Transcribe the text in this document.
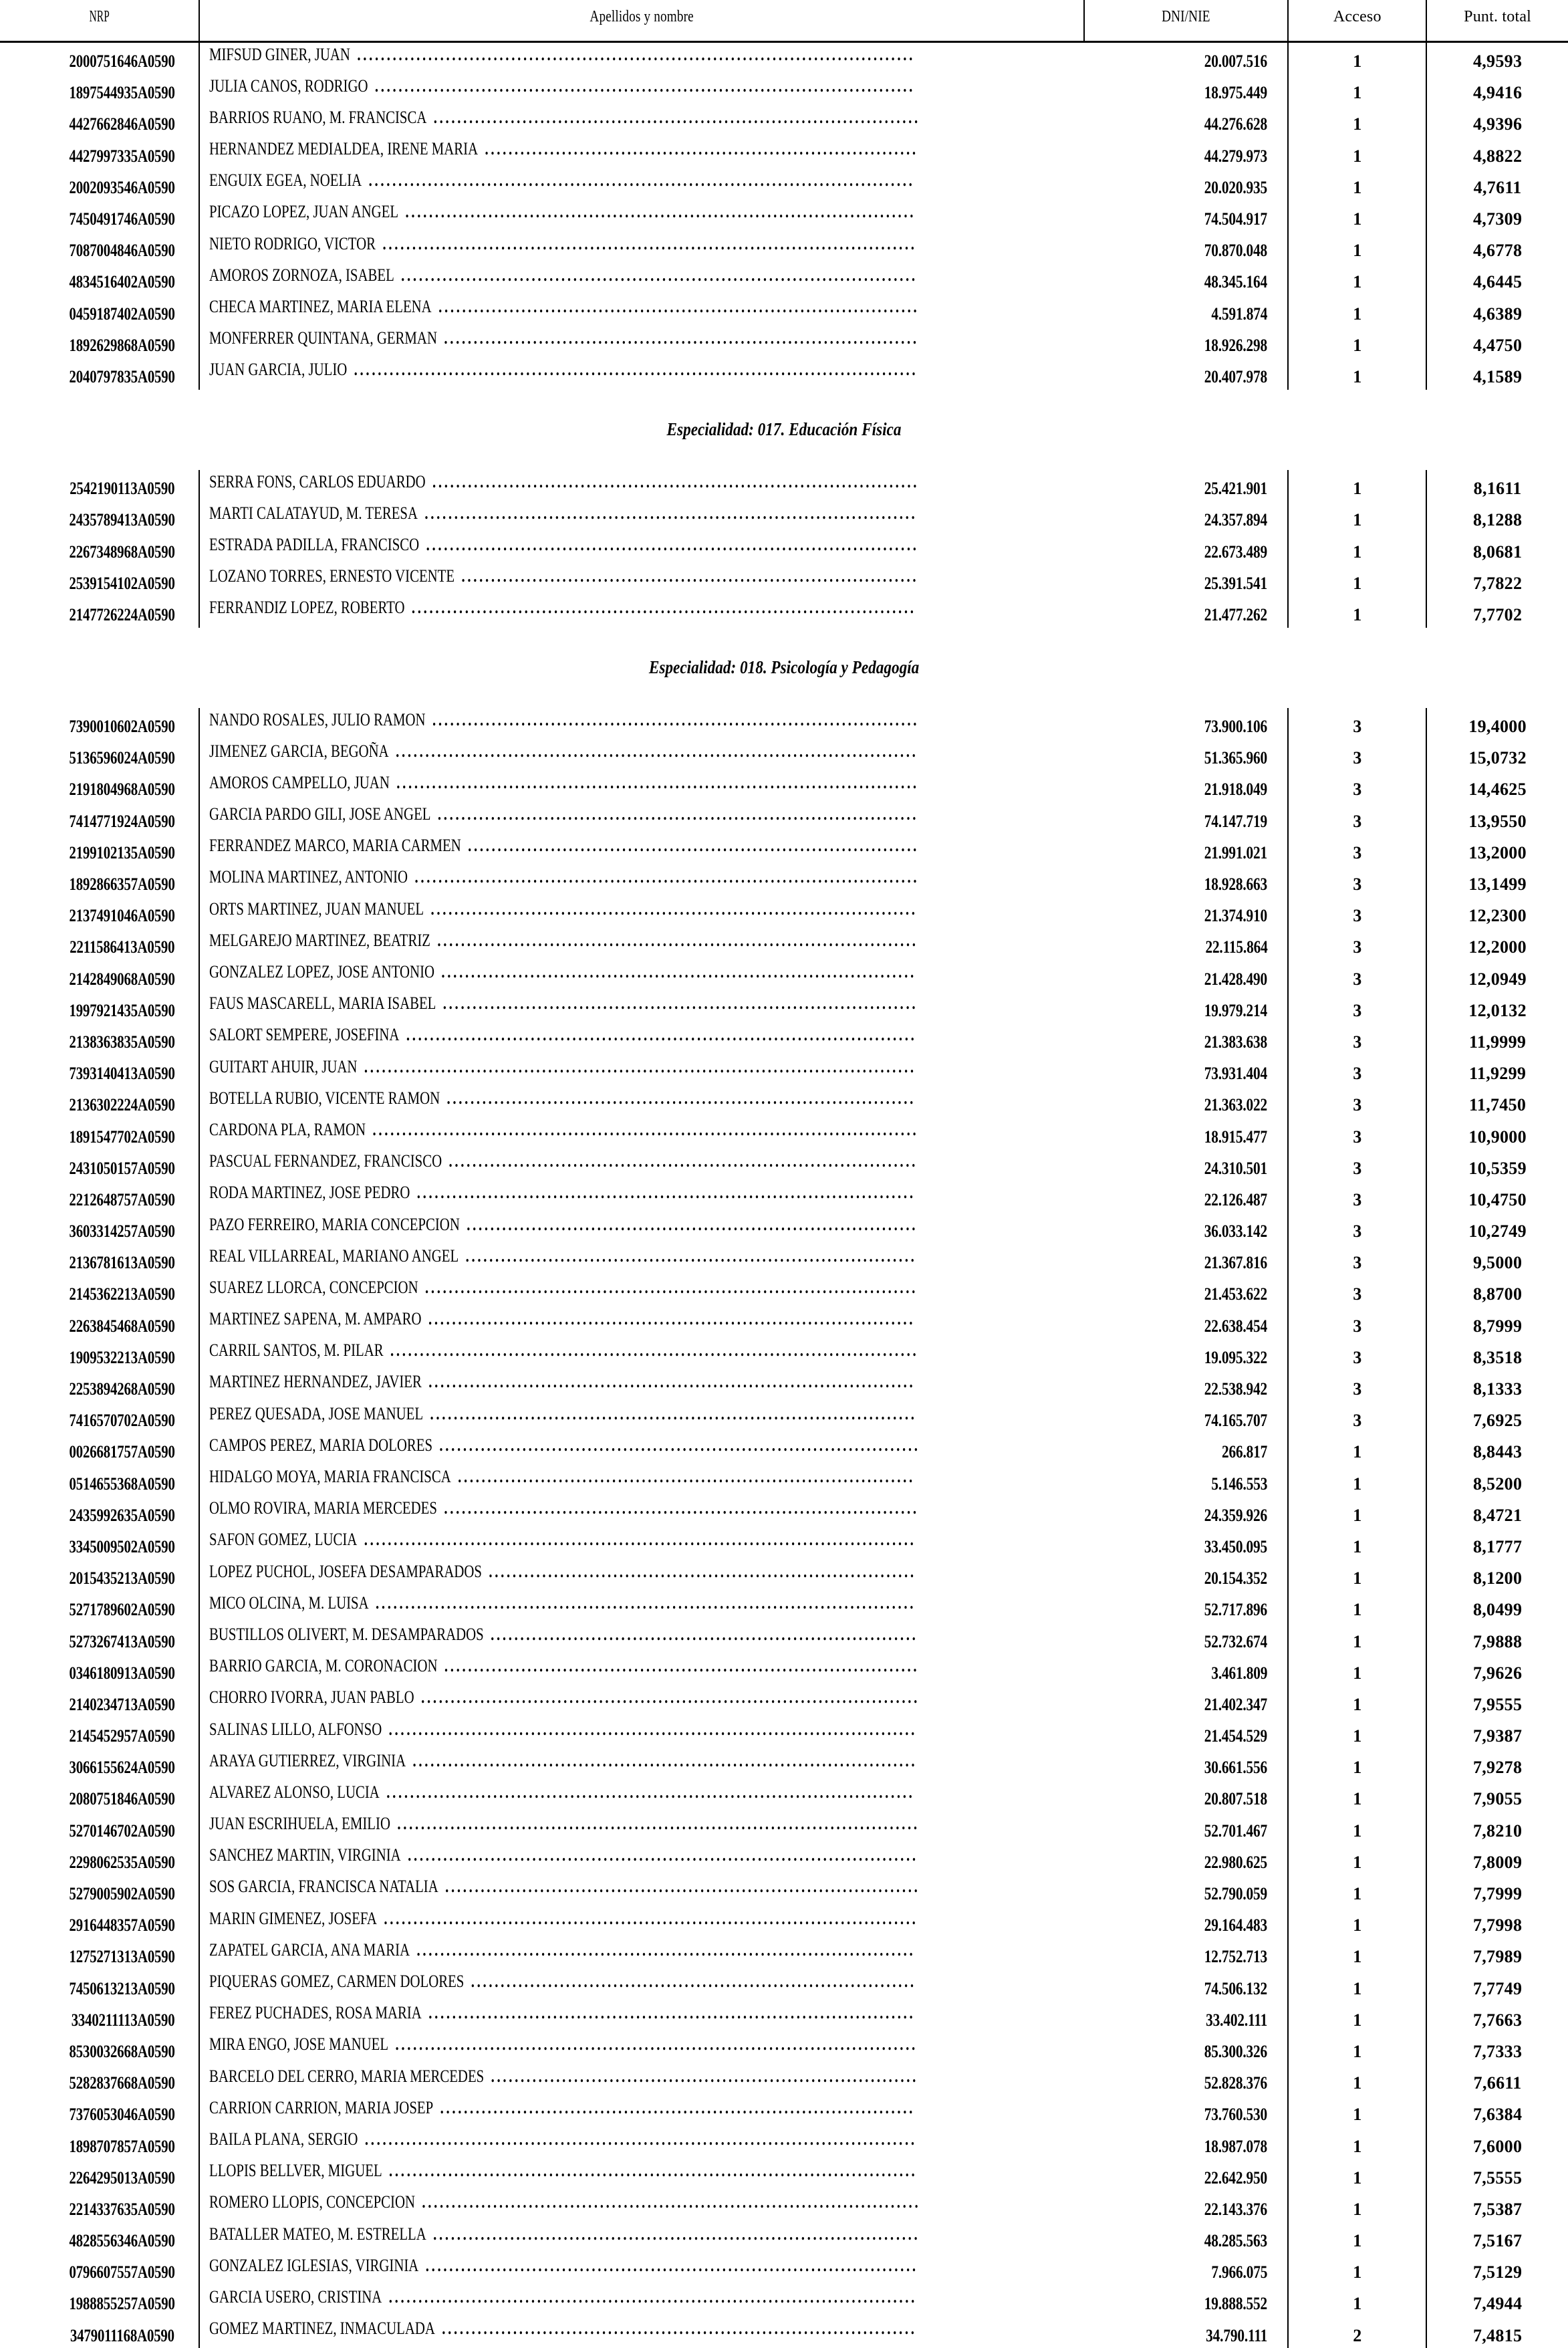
NRP	Apellidos y nombre	DNI/NIE	Acceso	Punt. total
2000751646A0590	MIFSUD GINER, JUAN ..............................................................................................	20.007.516	1	4,9593
1897544935A0590	JULIA CANOS, RODRIGO ...........................................................................................	18.975.449	1	4,9416
4427662846A0590	BARRIOS RUANO, M. FRANCISCA ..................................................................................	44.276.628	1	4,9396
4427997335A0590	HERNANDEZ MEDIALDEA, IRENE MARIA .........................................................................	44.279.973	1	4,8822
2002093546A0590	ENGUIX EGEA, NOELIA ............................................................................................	20.020.935	1	4,7611
7450491746A0590	PICAZO LOPEZ, JUAN ANGEL ......................................................................................	74.504.917	1	4,7309
7087004846A0590	NIETO RODRIGO, VICTOR ..........................................................................................	70.870.048	1	4,6778
4834516402A0590	AMOROS ZORNOZA, ISABEL .......................................................................................	48.345.164	1	4,6445
0459187402A0590	CHECA MARTINEZ, MARIA ELENA .................................................................................	4.591.874	1	4,6389
1892629868A0590	MONFERRER QUINTANA, GERMAN ................................................................................	18.926.298	1	4,4750
2040797835A0590	JUAN GARCIA, JULIO ...............................................................................................	20.407.978	1	4,1589
Especialidad: 017. Educación Física				
2542190113A0590	SERRA FONS, CARLOS EDUARDO ..................................................................................	25.421.901	1	8,1611
2435789413A0590	MARTI CALATAYUD, M. TERESA ...................................................................................	24.357.894	1	8,1288
2267348968A0590	ESTRADA PADILLA, FRANCISCO ...................................................................................	22.673.489	1	8,0681
2539154102A0590	LOZANO TORRES, ERNESTO VICENTE .............................................................................	25.391.541	1	7,7822
2147726224A0590	FERRANDIZ LOPEZ, ROBERTO .....................................................................................	21.477.262	1	7,7702
Especialidad: 018. Psicología y Pedagogía				
7390010602A0590	NANDO ROSALES, JULIO RAMON ..................................................................................	73.900.106	3	19,4000
5136596024A0590	JIMENEZ GARCIA, BEGOÑA ........................................................................................	51.365.960	3	15,0732
2191804968A0590	AMOROS CAMPELLO, JUAN ........................................................................................	21.918.049	3	14,4625
7414771924A0590	GARCIA PARDO GILI, JOSE ANGEL .................................................................................	74.147.719	3	13,9550
2199102135A0590	FERRANDEZ MARCO, MARIA CARMEN ............................................................................	21.991.021	3	13,2000
1892866357A0590	MOLINA MARTINEZ, ANTONIO .....................................................................................	18.928.663	3	13,1499
2137491046A0590	ORTS MARTINEZ, JUAN MANUEL ..................................................................................	21.374.910	3	12,2300
2211586413A0590	MELGAREJO MARTINEZ, BEATRIZ .................................................................................	22.115.864	3	12,2000
2142849068A0590	GONZALEZ LOPEZ, JOSE ANTONIO ................................................................................	21.428.490	3	12,0949
1997921435A0590	FAUS MASCARELL, MARIA ISABEL ................................................................................	19.979.214	3	12,0132
2138363835A0590	SALORT SEMPERE, JOSEFINA ......................................................................................	21.383.638	3	11,9999
7393140413A0590	GUITART AHUIR, JUAN .............................................................................................	73.931.404	3	11,9299
2136302224A0590	BOTELLA RUBIO, VICENTE RAMON ...............................................................................	21.363.022	3	11,7450
1891547702A0590	CARDONA PLA, RAMON ............................................................................................	18.915.477	3	10,9000
2431050157A0590	PASCUAL FERNANDEZ, FRANCISCO ...............................................................................	24.310.501	3	10,5359
2212648757A0590	RODA MARTINEZ, JOSE PEDRO ....................................................................................	22.126.487	3	10,4750
3603314257A0590	PAZO FERREIRO, MARIA CONCEPCION ............................................................................	36.033.142	3	10,2749
2136781613A0590	REAL VILLARREAL, MARIANO ANGEL ............................................................................	21.367.816	3	9,5000
2145362213A0590	SUAREZ LLORCA, CONCEPCION ...................................................................................	21.453.622	3	8,8700
2263845468A0590	MARTINEZ SAPENA, M. AMPARO ..................................................................................	22.638.454	3	8,7999
1909532213A0590	CARRIL SANTOS, M. PILAR .........................................................................................	19.095.322	3	8,3518
2253894268A0590	MARTINEZ HERNANDEZ, JAVIER ..................................................................................	22.538.942	3	8,1333
7416570702A0590	PEREZ QUESADA, JOSE MANUEL ..................................................................................	74.165.707	3	7,6925
0026681757A0590	CAMPOS PEREZ, MARIA DOLORES .................................................................................	266.817	1	8,8443
0514655368A0590	HIDALGO MOYA, MARIA FRANCISCA .............................................................................	5.146.553	1	8,5200
2435992635A0590	OLMO ROVIRA, MARIA MERCEDES ................................................................................	24.359.926	1	8,4721
3345009502A0590	SAFON GOMEZ, LUCIA .............................................................................................	33.450.095	1	8,1777
2015435213A0590	LOPEZ PUCHOL, JOSEFA DESAMPARADOS ........................................................................	20.154.352	1	8,1200
5271789602A0590	MICO OLCINA, M. LUISA ...........................................................................................	52.717.896	1	8,0499
5273267413A0590	BUSTILLOS OLIVERT, M. DESAMPARADOS ........................................................................	52.732.674	1	7,9888
0346180913A0590	BARRIO GARCIA, M. CORONACION ................................................................................	3.461.809	1	7,9626
2140234713A0590	CHORRO IVORRA, JUAN PABLO ....................................................................................	21.402.347	1	7,9555
2145452957A0590	SALINAS LILLO, ALFONSO .........................................................................................	21.454.529	1	7,9387
3066155624A0590	ARAYA GUTIERREZ, VIRGINIA .....................................................................................	30.661.556	1	7,9278
2080751846A0590	ALVAREZ ALONSO, LUCIA .........................................................................................	20.807.518	1	7,9055
5270146702A0590	JUAN ESCRIHUELA, EMILIO ........................................................................................	52.701.467	1	7,8210
2298062535A0590	SANCHEZ MARTIN, VIRGINIA ......................................................................................	22.980.625	1	7,8009
5279005902A0590	SOS GARCIA, FRANCISCA NATALIA ................................................................................	52.790.059	1	7,7999
2916448357A0590	MARIN GIMENEZ, JOSEFA ..........................................................................................	29.164.483	1	7,7998
1275271313A0590	ZAPATEL GARCIA, ANA MARIA ....................................................................................	12.752.713	1	7,7989
7450613213A0590	PIQUERAS GOMEZ, CARMEN DOLORES ...........................................................................	74.506.132	1	7,7749
3340211113A0590	FEREZ PUCHADES, ROSA MARIA ..................................................................................	33.402.111	1	7,7663
8530032668A0590	MIRA ENGO, JOSE MANUEL ........................................................................................	85.300.326	1	7,7333
5282837668A0590	BARCELO DEL CERRO, MARIA MERCEDES ........................................................................	52.828.376	1	7,6611
7376053046A0590	CARRION CARRION, MARIA JOSEP ................................................................................	73.760.530	1	7,6384
1898707857A0590	BAILA PLANA, SERGIO .............................................................................................	18.987.078	1	7,6000
2264295013A0590	LLOPIS BELLVER, MIGUEL .........................................................................................	22.642.950	1	7,5555
2214337635A0590	ROMERO LLOPIS, CONCEPCION ....................................................................................	22.143.376	1	7,5387
4828556346A0590	BATALLER MATEO, M. ESTRELLA ..................................................................................	48.285.563	1	7,5167
0796607557A0590	GONZALEZ IGLESIAS, VIRGINIA ...................................................................................	7.966.075	1	7,5129
1988855257A0590	GARCIA USERO, CRISTINA .........................................................................................	19.888.552	1	7,4944
3479011168A0590	GOMEZ MARTINEZ, INMACULADA ................................................................................	34.790.111	2	7,4815
